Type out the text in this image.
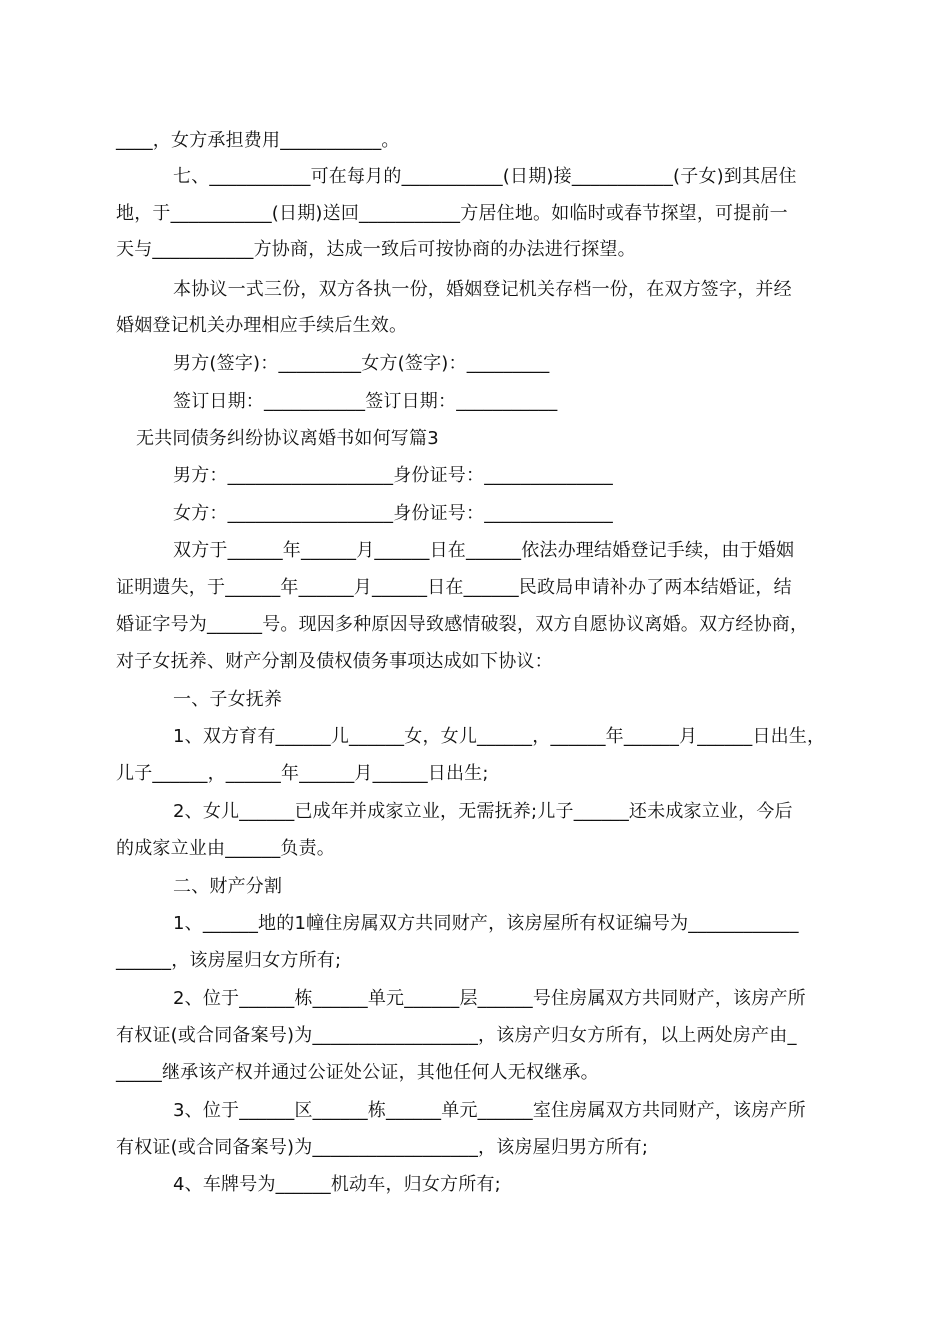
____，女方承担费用___________。
七、___________可在每月的___________(日期)接___________(子女)到其居住
地，于___________(日期)送回___________方居住地。如临时或春节探望，可提前一
天与___________方协商，达成一致后可按协商的办法进行探望。
本协议一式三份，双方各执一份，婚姻登记机关存档一份，在双方签字，并经
婚姻登记机关办理相应手续后生效。
男方(签字)：_________女方(签字)：_________
签订日期：___________签订日期：___________
无共同债务纠纷协议离婚书如何写篇3
男方：__________________身份证号：______________
女方：__________________身份证号：______________
双方于______年______月______日在______依法办理结婚登记手续，由于婚姻
证明遗失，于______年______月______日在______民政局申请补办了两本结婚证，结
婚证字号为______号。现因多种原因导致感情破裂，双方自愿协议离婚。双方经协商，
对子女抚养、财产分割及债权债务事项达成如下协议：
一、子女抚养
1、双方育有______儿______女，女儿______，______年______月______日出生，
儿子______，______年______月______日出生;
2、女儿______已成年并成家立业，无需抚养;儿子______还未成家立业，今后
的成家立业由______负责。
二、财产分割
1、______地的1幢住房属双方共同财产，该房屋所有权证编号为____________
______，该房屋归女方所有;
2、位于______栋______单元______层______号住房属双方共同财产，该房产所
有权证(或合同备案号)为__________________，该房产归女方所有，以上两处房产由_
_____继承该产权并通过公证处公证，其他任何人无权继承。
3、位于______区______栋______单元______室住房属双方共同财产，该房产所
有权证(或合同备案号)为__________________，该房屋归男方所有;
4、车牌号为______机动车，归女方所有;
